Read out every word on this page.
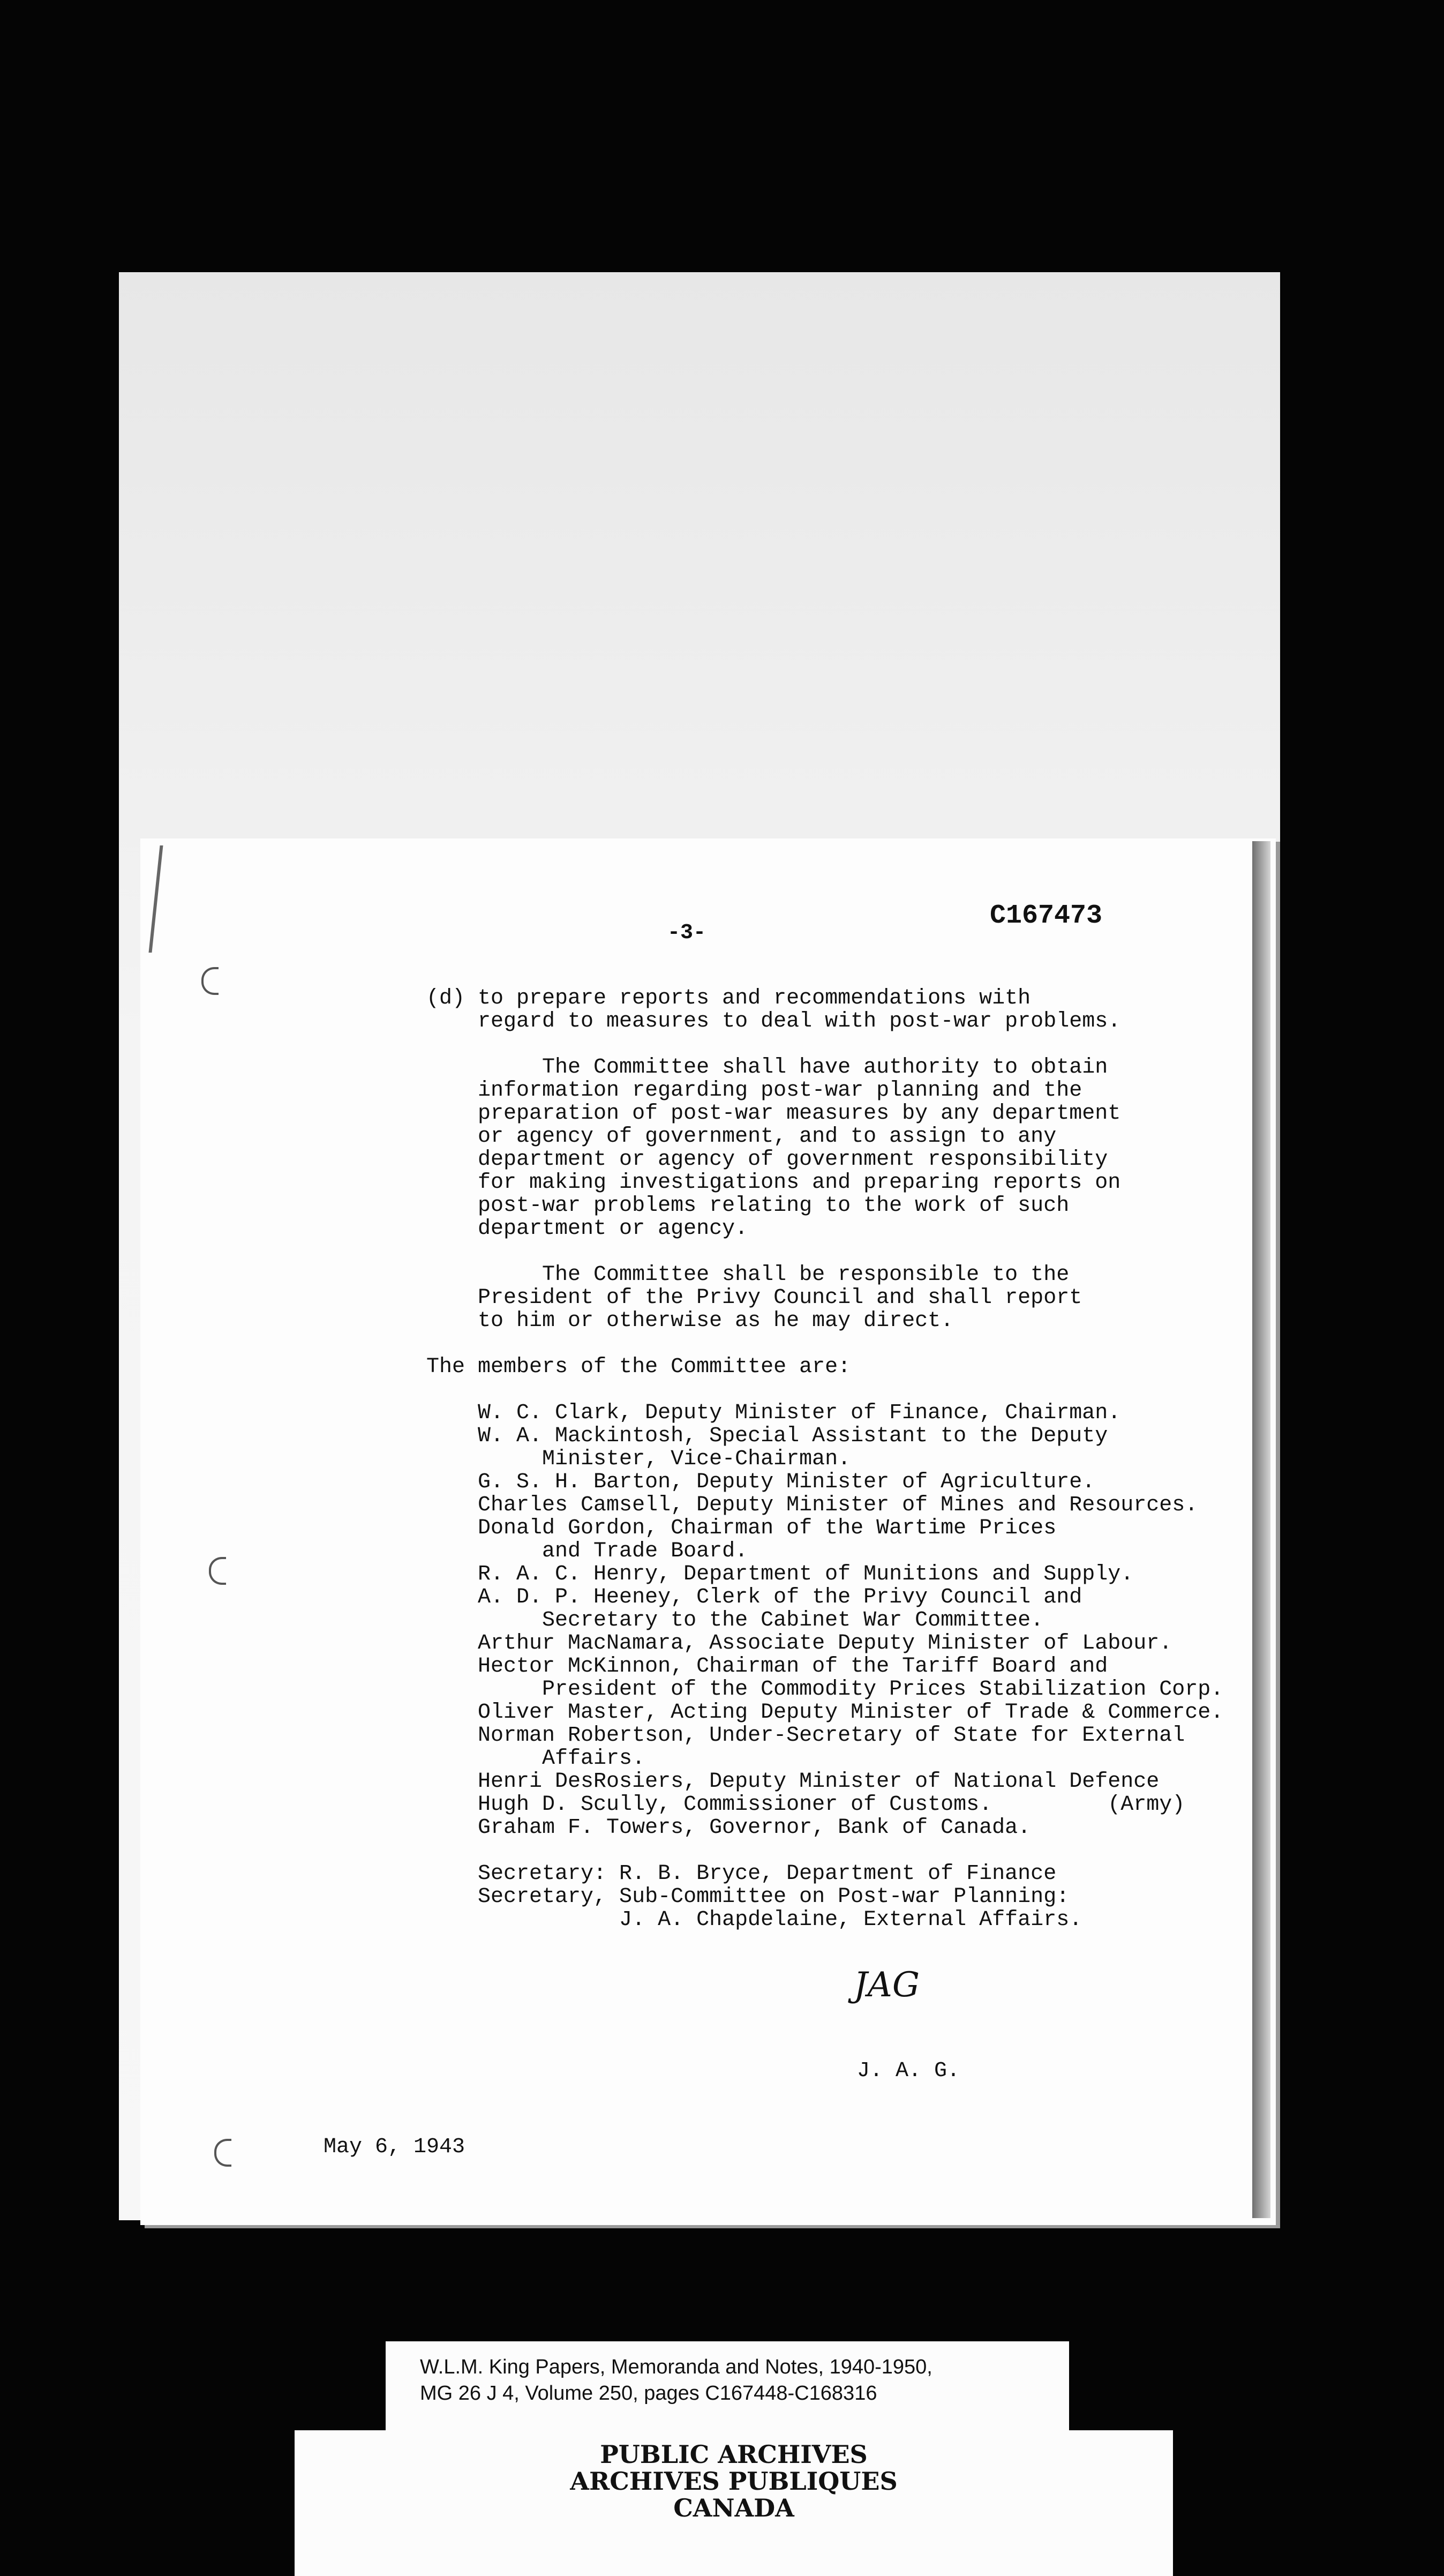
-3-
C167473
(d) to prepare reports and recommendations with
regard to measures to deal with post-war problems.

The Committee shall have authority to obtain
information regarding post-war planning and the
preparation of post-war measures by any department
or agency of government, and to assign to any
department or agency of government responsibility
for making investigations and preparing reports on
post-war problems relating to the work of such
department or agency.

The Committee shall be responsible to the
President of the Privy Council and shall report
to him or otherwise as he may direct.

The members of the Committee are:

W. C. Clark, Deputy Minister of Finance, Chairman.
W. A. Mackintosh, Special Assistant to the Deputy
Minister, Vice-Chairman.
G. S. H. Barton, Deputy Minister of Agriculture.
Charles Camsell, Deputy Minister of Mines and Resources.
Donald Gordon, Chairman of the Wartime Prices
and Trade Board.
R. A. C. Henry, Department of Munitions and Supply.
A. D. P. Heeney, Clerk of the Privy Council and
Secretary to the Cabinet War Committee.
Arthur MacNamara, Associate Deputy Minister of Labour.
Hector McKinnon, Chairman of the Tariff Board and
President of the Commodity Prices Stabilization Corp.
Oliver Master, Acting Deputy Minister of Trade & Commerce.
Norman Robertson, Under-Secretary of State for External
Affairs.
Henri DesRosiers, Deputy Minister of National Defence
Hugh D. Scully, Commissioner of Customs.         (Army)
Graham F. Towers, Governor, Bank of Canada.

Secretary: R. B. Bryce, Department of Finance
Secretary, Sub-Committee on Post-war Planning:
J. A. Chapdelaine, External Affairs.
JAG
J. A. G.
May 6, 1943
W.L.M. King Papers, Memoranda and Notes, 1940-1950,
MG 26 J 4, Volume 250, pages C167448-C168316
PUBLIC ARCHIVES
ARCHIVES PUBLIQUES
CANADA
